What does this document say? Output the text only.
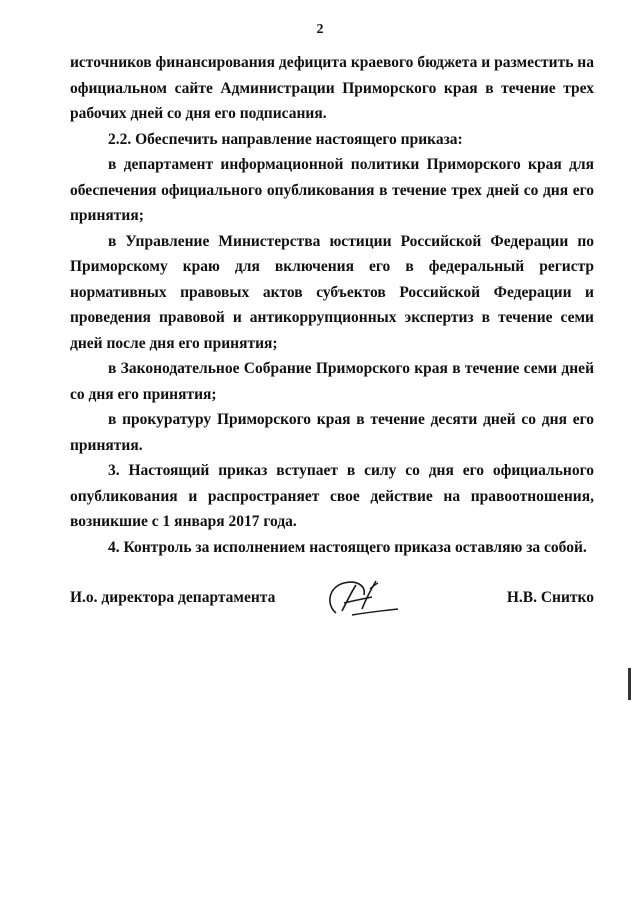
2

источников финансирования дефицита краевого бюджета и разместить на официальном сайте Администрации Приморского края в течение трех рабочих дней со дня его подписания.

2.2. Обеспечить направление настоящего приказа:

в департамент информационной политики Приморского края для обеспечения официального опубликования в течение трех дней со дня его принятия;

в Управление Министерства юстиции Российской Федерации по Приморскому краю для включения его в федеральный регистр нормативных правовых актов субъектов Российской Федерации и проведения правовой и антикоррупционных экспертиз в течение семи дней после дня его принятия;

в Законодательное Собрание Приморского края в течение семи дней со дня его принятия;

в прокуратуру Приморского края в течение десяти дней со дня его принятия.

3. Настоящий приказ вступает в силу со дня его официального опубликования и распространяет свое действие на правоотношения, возникшие с 1 января 2017 года.

4. Контроль за исполнением настоящего приказа оставляю за собой.

И.о. директора департамента	Н.В. Снитко
